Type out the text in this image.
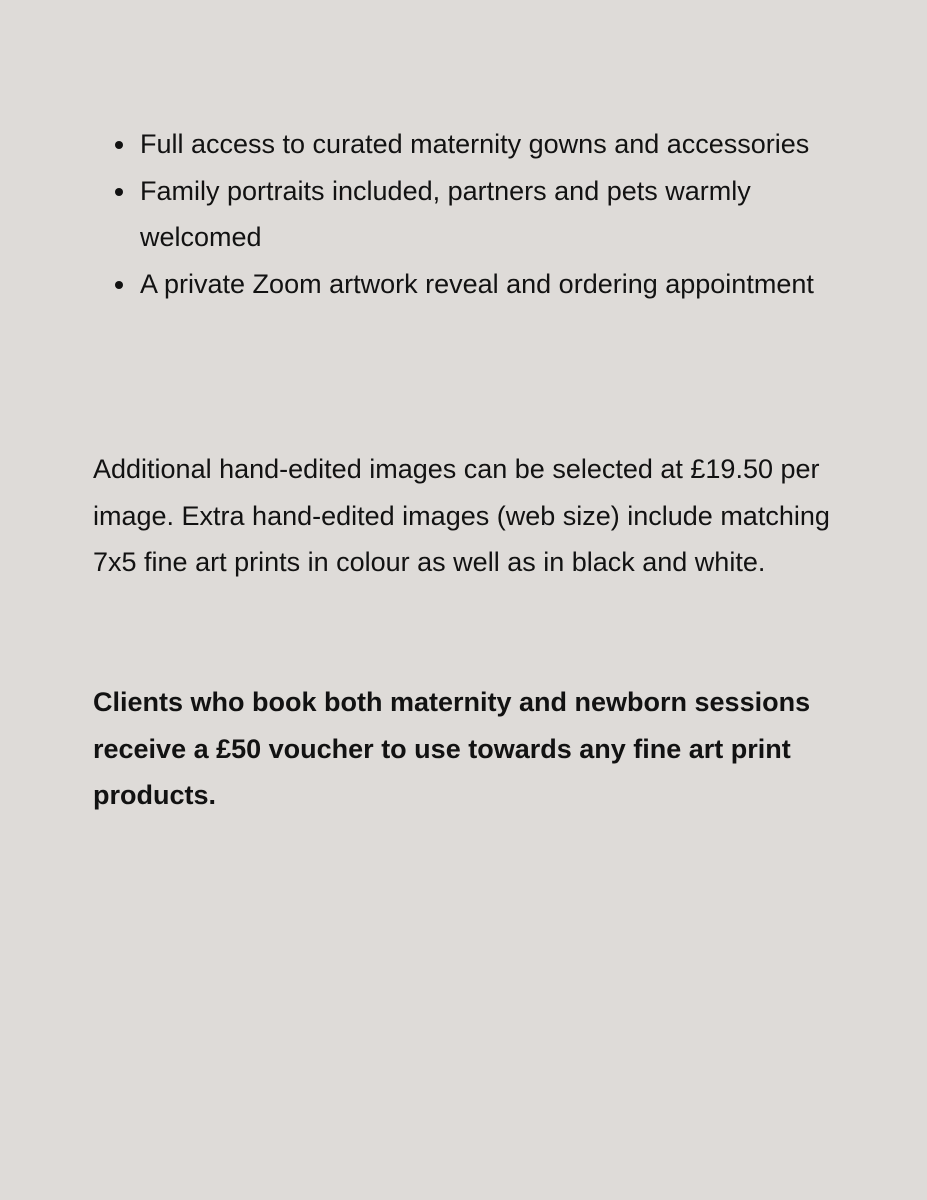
Full access to curated maternity gowns and accessories
Family portraits included, partners and pets warmly welcomed
A private Zoom artwork reveal and ordering appointment

Additional hand-edited images can be selected at £19.50 per image. Extra hand-edited images (web size) include matching 7x5 fine art prints in colour as well as in black and white.

Clients who book both maternity and newborn sessions receive a £50 voucher to use towards any fine art print products.
